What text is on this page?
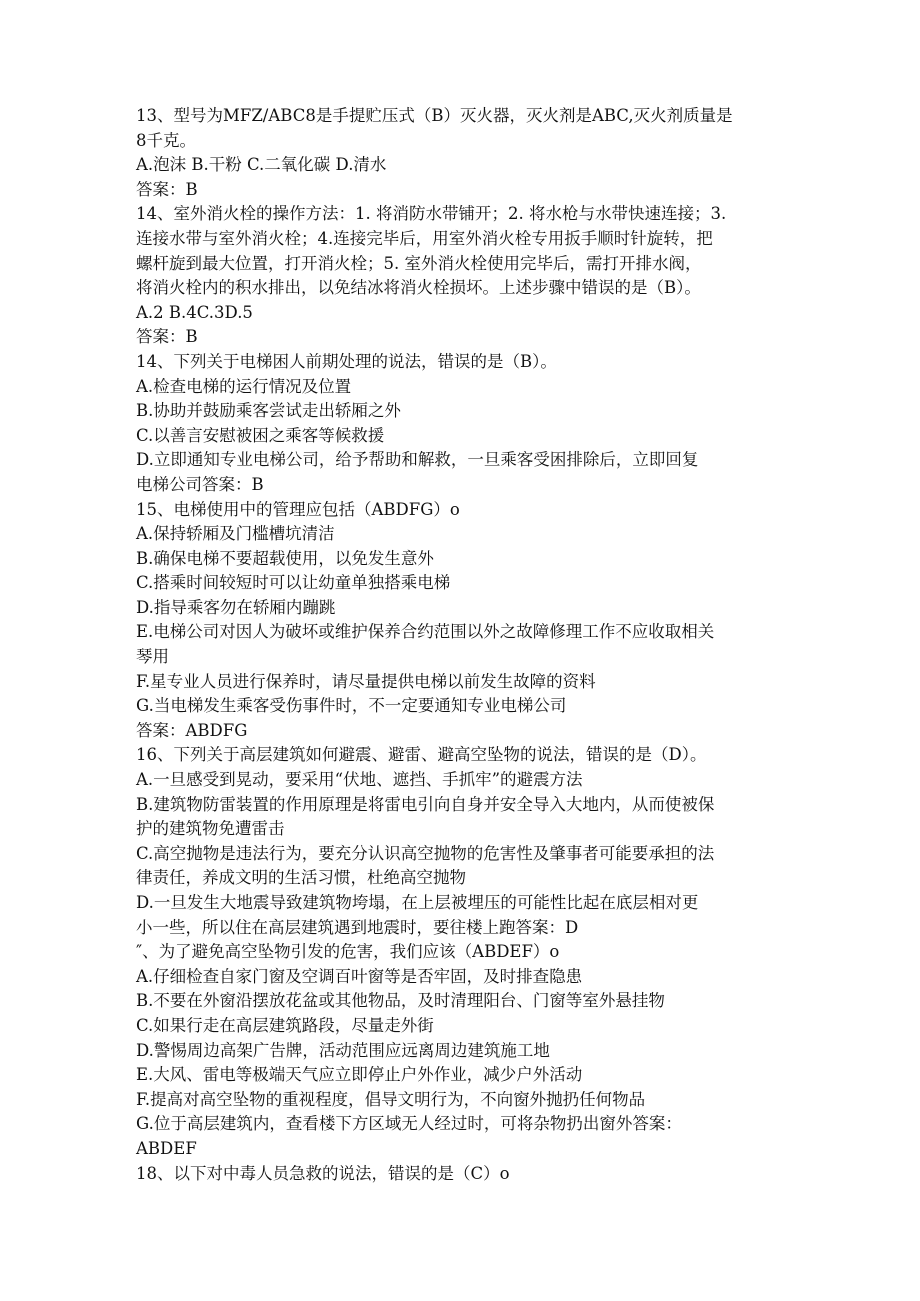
13、型号为MFZ/ABC8是手提贮压式（B）灭火器，灭火剂是ABC,灭火剂质量是
8千克。
A.泡沫 B.干粉 C.二氧化碳 D.清水
答案：B
14、室外消火栓的操作方法：1. 将消防水带铺开；2. 将水枪与水带快速连接；3.
连接水带与室外消火栓；4.连接完毕后，用室外消火栓专用扳手顺时针旋转，把
螺杆旋到最大位置，打开消火栓；5. 室外消火栓使用完毕后，需打开排水阀，
将消火栓内的积水排出，以免结冰将消火栓损坏。上述步骤中错误的是（B）。
A.2 B.4C.3D.5
答案：B
14、下列关于电梯困人前期处理的说法，错误的是（B）。
A.检查电梯的运行情况及位置
B.协助并鼓励乘客尝试走出轿厢之外
C.以善言安慰被困之乘客等候救援
D.立即通知专业电梯公司，给予帮助和解救，一旦乘客受困排除后，立即回复
电梯公司答案：B
15、电梯使用中的管理应包括（ABDFG）o
A.保持轿厢及门槛槽坑清洁
B.确保电梯不要超载使用，以免发生意外
C.搭乘时间较短时可以让幼童单独搭乘电梯
D.指导乘客勿在轿厢内蹦跳
E.电梯公司对因人为破坏或维护保养合约范围以外之故障修理工作不应收取相关
琴用
F.星专业人员进行保养时，请尽量提供电梯以前发生故障的资料
G.当电梯发生乘客受伤事件时，不一定要通知专业电梯公司
答案：ABDFG
16、下列关于高层建筑如何避震、避雷、避高空坠物的说法，错误的是（D）。
A.一旦感受到晃动，要采用“伏地、遮挡、手抓牢”的避震方法
B.建筑物防雷装置的作用原理是将雷电引向自身并安全导入大地内，从而使被保
护的建筑物免遭雷击
C.高空抛物是违法行为，要充分认识高空抛物的危害性及肇事者可能要承担的法
律责任，养成文明的生活习惯，杜绝高空抛物
D.一旦发生大地震导致建筑物垮塌，在上层被埋压的可能性比起在底层相对更
小一些，所以住在高层建筑遇到地震时，要往楼上跑答案：D
″、为了避免高空坠物引发的危害，我们应该（ABDEF）o
A.仔细检查自家门窗及空调百叶窗等是否牢固，及时排查隐患
B.不要在外窗沿摆放花盆或其他物品，及时清理阳台、门窗等室外悬挂物
C.如果行走在高层建筑路段，尽量走外街
D.警惕周边高架广告牌，活动范围应远离周边建筑施工地
E.大风、雷电等极端天气应立即停止户外作业，减少户外活动
F.提高对高空坠物的重视程度，倡导文明行为，不向窗外抛扔任何物品
G.位于高层建筑内，查看楼下方区域无人经过时，可将杂物扔出窗外答案：
ABDEF
18、以下对中毒人员急救的说法，错误的是（C）o
